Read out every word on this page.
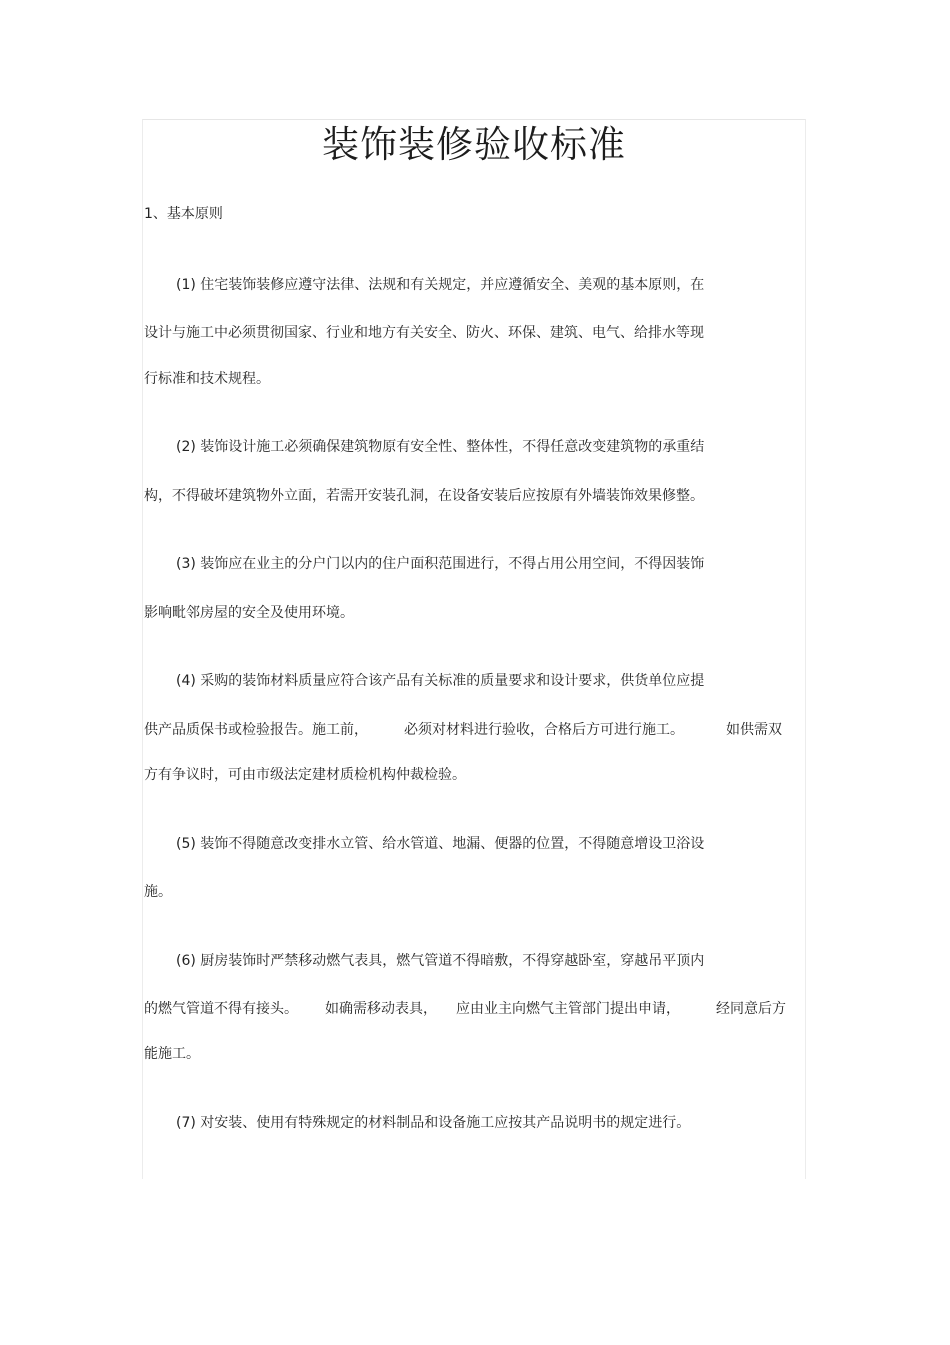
装饰装修验收标准
1、基本原则
(1) 住宅装饰装修应遵守法律、法规和有关规定，并应遵循安全、美观的基本原则，在
设计与施工中必须贯彻国家、行业和地方有关安全、防火、环保、建筑、电气、给排水等现
行标准和技术规程。
(2) 装饰设计施工必须确保建筑物原有安全性、整体性，不得任意改变建筑物的承重结
构，不得破坏建筑物外立面，若需开安装孔洞，在设备安装后应按原有外墙装饰效果修整。
(3) 装饰应在业主的分户门以内的住户面积范围进行，不得占用公用空间，不得因装饰
影响毗邻房屋的安全及使用环境。
(4) 采购的装饰材料质量应符合该产品有关标准的质量要求和设计要求，供货单位应提
供产品质保书或检验报告。施工前，	必须对材料进行验收，合格后方可进行施工。	如供需双
方有争议时，可由市级法定建材质检机构仲裁检验。
(5) 装饰不得随意改变排水立管、给水管道、地漏、便器的位置，不得随意增设卫浴设
施。
(6) 厨房装饰时严禁移动燃气表具，燃气管道不得暗敷，不得穿越卧室，穿越吊平顶内
的燃气管道不得有接头。 如确需移动表具， 应由业主向燃气主管部门提出申请，	经同意后方
能施工。
(7) 对安装、使用有特殊规定的材料制品和设备施工应按其产品说明书的规定进行。
